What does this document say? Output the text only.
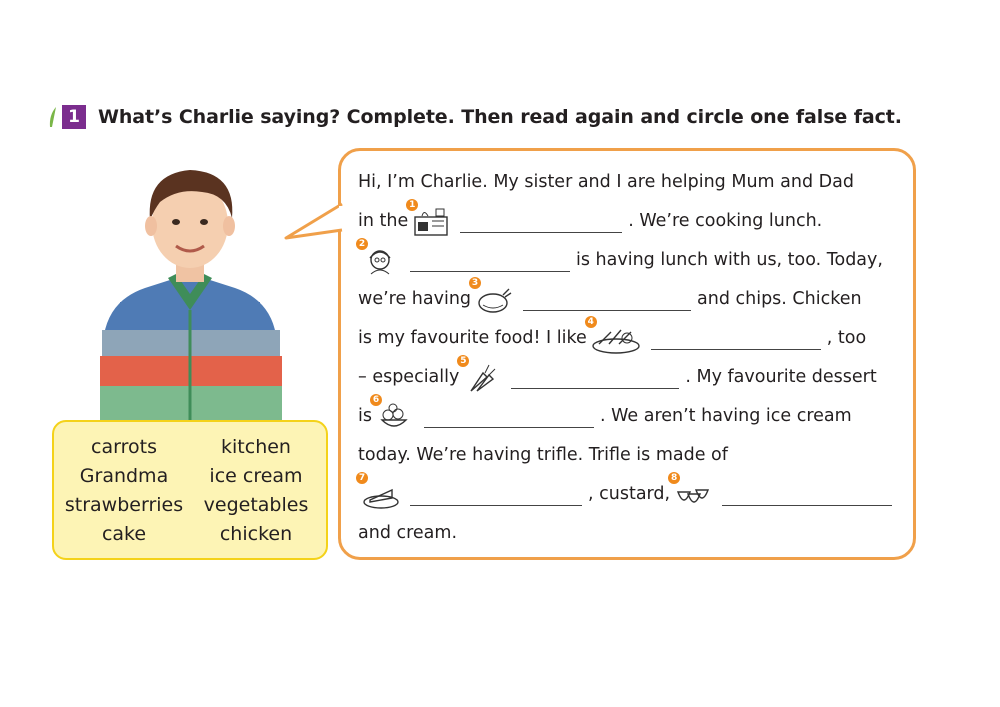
1 What’s Charlie saying? Complete. Then read again and circle one false fact.
carrots	kitchen
Grandma	ice cream
strawberries	vegetables
cake	chicken
Hi, I’m Charlie. My sister and I are helping Mum and Dad
in the
1
. We’re cooking lunch.
2
is having lunch with us, too. Today,
we’re having
3
and chips. Chicken
is my favourite food! I like
4
, too
– especially
5
. My favourite dessert
is
6
. We aren’t having ice cream
today. We’re having trifle. Trifle is made of
7
, custard,
8
and cream.
